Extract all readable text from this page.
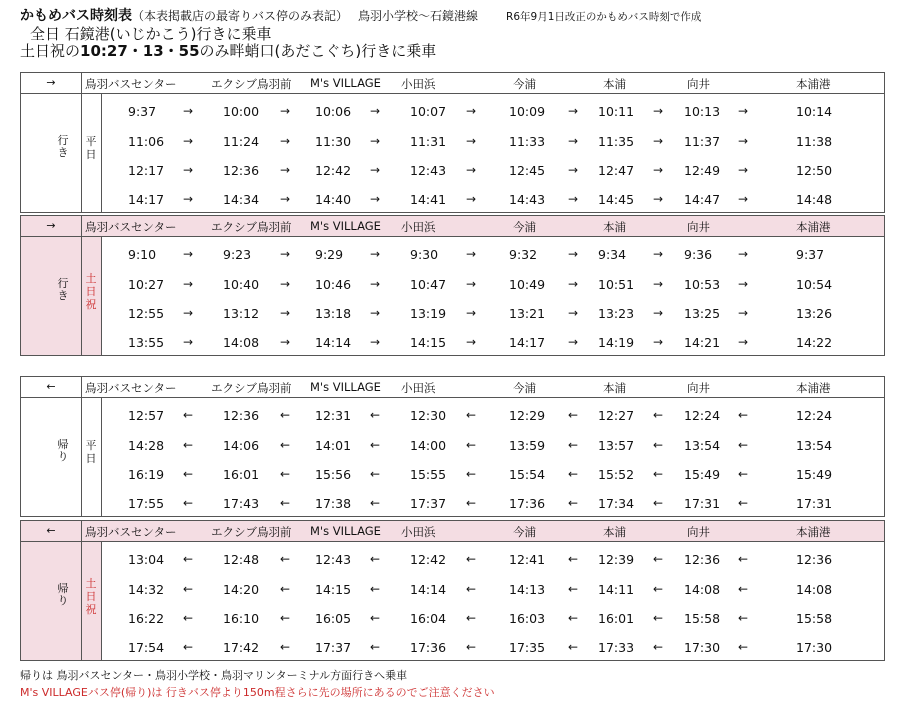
かもめバス時刻表（本表掲載店の最寄りバス停のみ表記） 鳥羽小学校～石鏡港線	R6年9月1日改正のかもめバス時刻で作成
全日 石鏡港(いじかこう)行きに乗車
土日祝の10:27・13・55のみ畔蛸口(あだこぐち)行きに乗車
→	鳥羽バスセンター	エクシブ鳥羽前 M's VILLAGE 小田浜	今浦	本浦	向井	本浦港
行き
平日
9:37 → 10:00 → 10:06 → 10:07 →	10:09 → 10:11 → 10:13 →	10:14
11:06 → 11:24 → 11:30 → 11:31 →	11:33 → 11:35 → 11:37 →	11:38
12:17 → 12:36 → 12:42 → 12:43 →	12:45 → 12:47 → 12:49 →	12:50
14:17 → 14:34 → 14:40 → 14:41 →	14:43 → 14:45 → 14:47 →	14:48
→	鳥羽バスセンター	エクシブ鳥羽前 M's VILLAGE 小田浜	今浦	本浦	向井	本浦港
行き
土日祝
9:10 → 9:23 → 9:29 → 9:30 →	9:32	→ 9:34 → 9:36 →	9:37
10:27 → 10:40 → 10:46 → 10:47 →	10:49 → 10:51 → 10:53 →	10:54
12:55 → 13:12 → 13:18 → 13:19 →	13:21 → 13:23 → 13:25 →	13:26
13:55 → 14:08 → 14:14 → 14:15 →	14:17 → 14:19 → 14:21 →	14:22
←	鳥羽バスセンター	エクシブ鳥羽前 M's VILLAGE 小田浜	今浦	本浦	向井	本浦港
帰り
平日
12:57 ← 12:36 ← 12:31 ← 12:30 ←	12:29 ← 12:27 ← 12:24 ←	12:24
14:28 ← 14:06 ← 14:01 ← 14:00 ←	13:59 ← 13:57 ← 13:54 ←	13:54
16:19 ← 16:01 ← 15:56 ← 15:55 ←	15:54 ← 15:52 ← 15:49 ←	15:49
17:55 ← 17:43 ← 17:38 ← 17:37 ←	17:36 ← 17:34 ← 17:31 ←	17:31
←	鳥羽バスセンター	エクシブ鳥羽前 M's VILLAGE 小田浜	今浦	本浦	向井	本浦港
帰り
土日祝
13:04 ← 12:48 ← 12:43 ← 12:42 ←	12:41 ← 12:39 ← 12:36 ←	12:36
14:32 ← 14:20 ← 14:15 ← 14:14 ←	14:13 ← 14:11 ← 14:08 ←	14:08
16:22 ← 16:10 ← 16:05 ← 16:04 ←	16:03 ← 16:01 ← 15:58 ←	15:58
17:54 ← 17:42 ← 17:37 ← 17:36 ←	17:35 ← 17:33 ← 17:30 ←	17:30
帰りは 鳥羽バスセンター・鳥羽小学校・鳥羽マリンターミナル方面行きへ乗車
M's VILLAGEバス停(帰り)は 行きバス停より150m程さらに先の場所にあるのでご注意ください
